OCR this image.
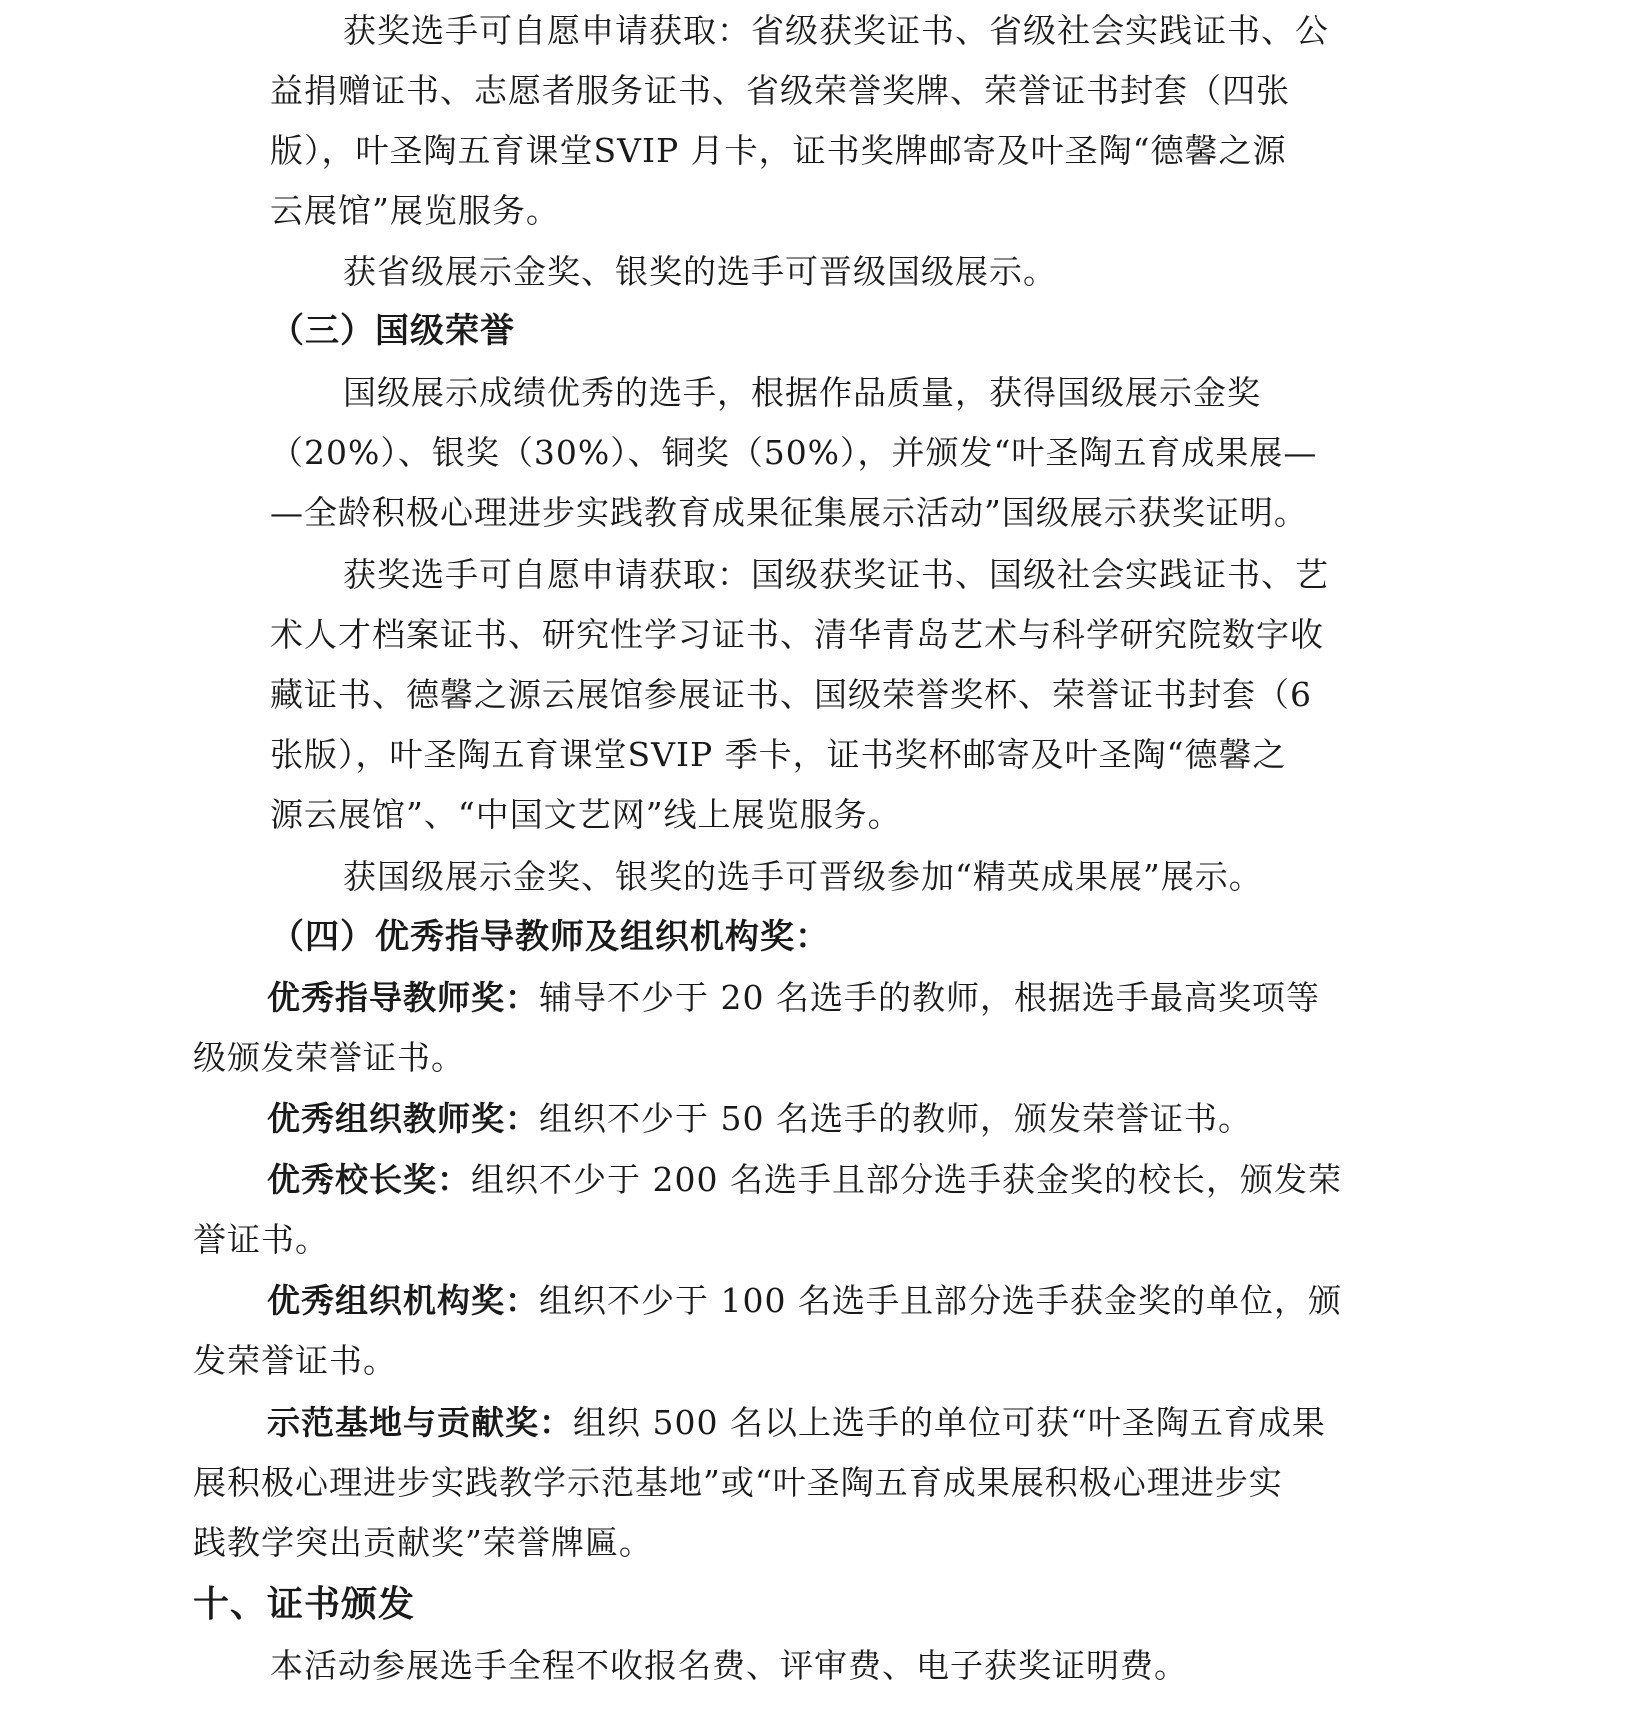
获奖选手可自愿申请获取：省级获奖证书、省级社会实践证书、公

益捐赠证书、志愿者服务证书、省级荣誉奖牌、荣誉证书封套（四张

版），叶圣陶五育课堂SVIP 月卡，证书奖牌邮寄及叶圣陶“德馨之源

云展馆”展览服务。

获省级展示金奖、银奖的选手可晋级国级展示。

（三）国级荣誉

国级展示成绩优秀的选手，根据作品质量，获得国级展示金奖

（20%）、银奖（30%）、铜奖（50%），并颁发“叶圣陶五育成果展—

—全龄积极心理进步实践教育成果征集展示活动”国级展示获奖证明。

获奖选手可自愿申请获取：国级获奖证书、国级社会实践证书、艺

术人才档案证书、研究性学习证书、清华青岛艺术与科学研究院数字收

藏证书、德馨之源云展馆参展证书、国级荣誉奖杯、荣誉证书封套（6

张版），叶圣陶五育课堂SVIP 季卡，证书奖杯邮寄及叶圣陶“德馨之

源云展馆”、“中国文艺网”线上展览服务。

获国级展示金奖、银奖的选手可晋级参加“精英成果展”展示。

（四）优秀指导教师及组织机构奖：

优秀指导教师奖：辅导不少于 20 名选手的教师，根据选手最高奖项等

级颁发荣誉证书。

优秀组织教师奖：组织不少于 50 名选手的教师，颁发荣誉证书。

优秀校长奖：组织不少于 200 名选手且部分选手获金奖的校长，颁发荣

誉证书。

优秀组织机构奖：组织不少于 100 名选手且部分选手获金奖的单位，颁

发荣誉证书。

示范基地与贡献奖：组织 500 名以上选手的单位可获“叶圣陶五育成果

展积极心理进步实践教学示范基地”或“叶圣陶五育成果展积极心理进步实

践教学突出贡献奖”荣誉牌匾。

十、证书颁发

本活动参展选手全程不收报名费、评审费、电子获奖证明费。
